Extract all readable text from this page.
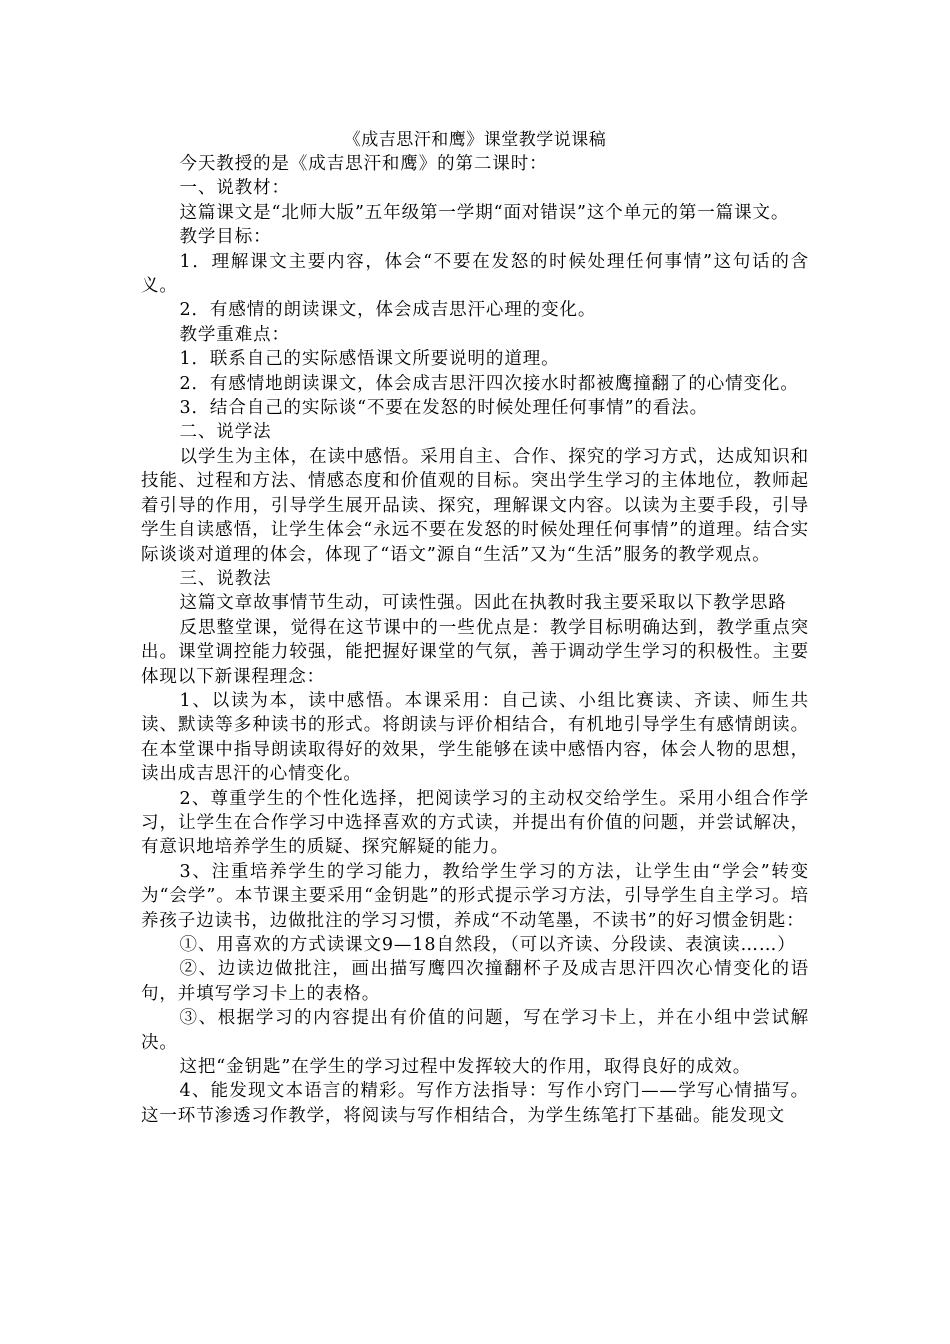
《成吉思汗和鹰》课堂教学说课稿

今天教授的是《成吉思汗和鹰》的第二课时：

一、说教材：

这篇课文是“北师大版”五年级第一学期“面对错误”这个单元的第一篇课文。

教学目标：

1．理解课文主要内容，体会“不要在发怒的时候处理任何事情”这句话的含义。

2．有感情的朗读课文，体会成吉思汗心理的变化。

教学重难点：

1．联系自己的实际感悟课文所要说明的道理。

2．有感情地朗读课文，体会成吉思汗四次接水时都被鹰撞翻了的心情变化。

3．结合自己的实际谈“不要在发怒的时候处理任何事情”的看法。

二、说学法

以学生为主体，在读中感悟。采用自主、合作、探究的学习方式，达成知识和技能、过程和方法、情感态度和价值观的目标。突出学生学习的主体地位，教师起着引导的作用，引导学生展开品读、探究，理解课文内容。以读为主要手段，引导学生自读感悟，让学生体会“永远不要在发怒的时候处理任何事情”的道理。结合实际谈谈对道理的体会，体现了“语文”源自“生活”又为“生活”服务的教学观点。

三、说教法

这篇文章故事情节生动，可读性强。因此在执教时我主要采取以下教学思路

反思整堂课，觉得在这节课中的一些优点是：教学目标明确达到，教学重点突出。课堂调控能力较强，能把握好课堂的气氛，善于调动学生学习的积极性。主要体现以下新课程理念：

1、以读为本，读中感悟。本课采用：自己读、小组比赛读、齐读、师生共读、默读等多种读书的形式。将朗读与评价相结合，有机地引导学生有感情朗读。在本堂课中指导朗读取得好的效果，学生能够在读中感悟内容，体会人物的思想，读出成吉思汗的心情变化。

2、尊重学生的个性化选择，把阅读学习的主动权交给学生。采用小组合作学习，让学生在合作学习中选择喜欢的方式读，并提出有价值的问题，并尝试解决，有意识地培养学生的质疑、探究解疑的能力。

3、注重培养学生的学习能力，教给学生学习的方法，让学生由“学会”转变为“会学”。本节课主要采用“金钥匙”的形式提示学习方法，引导学生自主学习。培养孩子边读书，边做批注的学习习惯，养成“不动笔墨，不读书”的好习惯金钥匙：

①、用喜欢的方式读课文9—18自然段，（可以齐读、分段读、表演读……）

②、边读边做批注，画出描写鹰四次撞翻杯子及成吉思汗四次心情变化的语句，并填写学习卡上的表格。

③、根据学习的内容提出有价值的问题，写在学习卡上，并在小组中尝试解决。

这把“金钥匙”在学生的学习过程中发挥较大的作用，取得良好的成效。

4、能发现文本语言的精彩。写作方法指导：写作小窍门——学写心情描写。这一环节渗透习作教学，将阅读与写作相结合，为学生练笔打下基础。能发现文
